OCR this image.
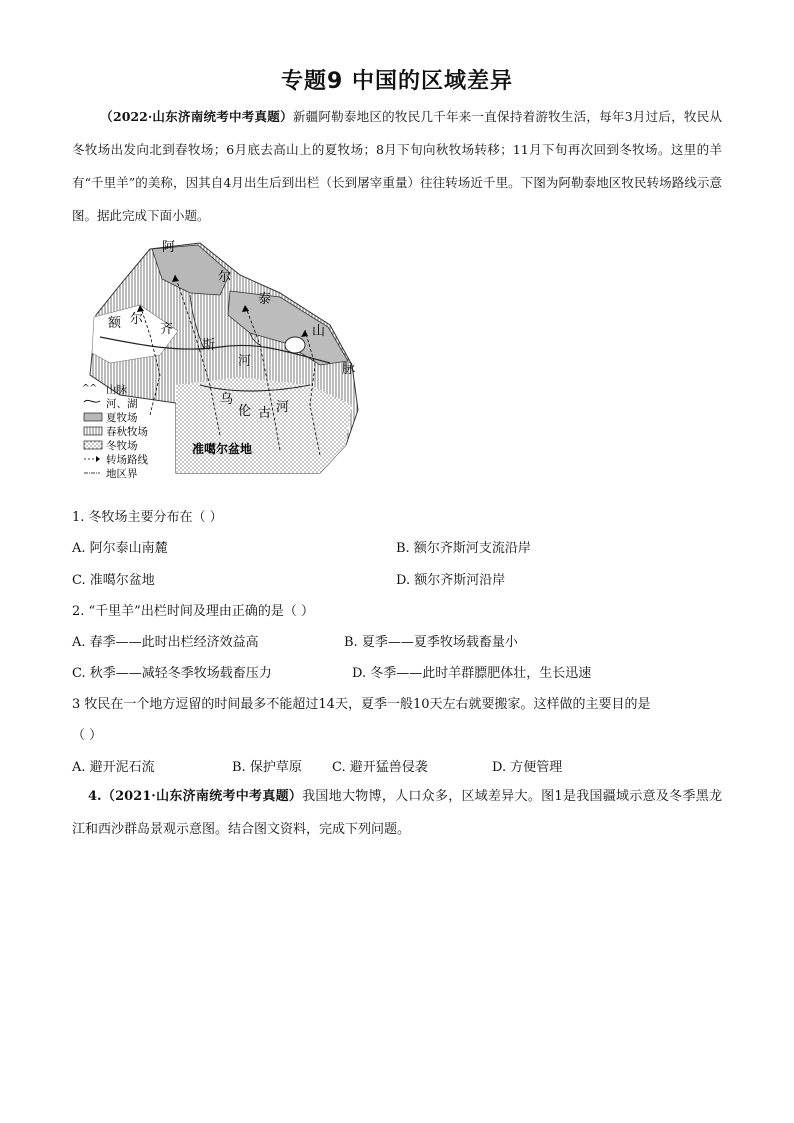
专题9 中国的区域差异
（2022·山东济南统考中考真题）新疆阿勒泰地区的牧民几千年来一直保持着游牧生活，每年3月过后，牧民从冬牧场出发向北到春牧场；6月底去高山上的夏牧场；8月下旬向秋牧场转移；11月下旬再次回到冬牧场。这里的羊有“千里羊”的美称，因其自4月出生后到出栏（长到屠宰重量）往往转场近千里。下图为阿勒泰地区牧民转场路线示意图。据此完成下面小题。
阿
尔
泰
山
脉
额 尔
齐
斯
河
乌
伦 古 河
准噶尔盆地
^^ 山脉
河、湖
夏牧场
春秋牧场
冬牧场
转场路线
地区界
1. 冬牧场主要分布在（ ）
A. 阿尔泰山南麓	B. 额尔齐斯河支流沿岸
C. 准噶尔盆地	D. 额尔齐斯河沿岸
2. “千里羊”出栏时间及理由正确的是（ ）
A. 春季——此时出栏经济效益高	B. 夏季——夏季牧场载畜量小
C. 秋季——减轻冬季牧场载畜压力	D. 冬季——此时羊群膘肥体壮，生长迅速
3 牧民在一个地方逗留的时间最多不能超过14天，夏季一般10天左右就要搬家。这样做的主要目的是
（ ）
A. 避开泥石流	B. 保护草原 C. 避开猛兽侵袭	D. 方便管理
4.（2021·山东济南统考中考真题）我国地大物博，人口众多，区域差异大。图1是我国疆域示意及冬季黑龙江和西沙群岛景观示意图。结合图文资料，完成下列问题。
